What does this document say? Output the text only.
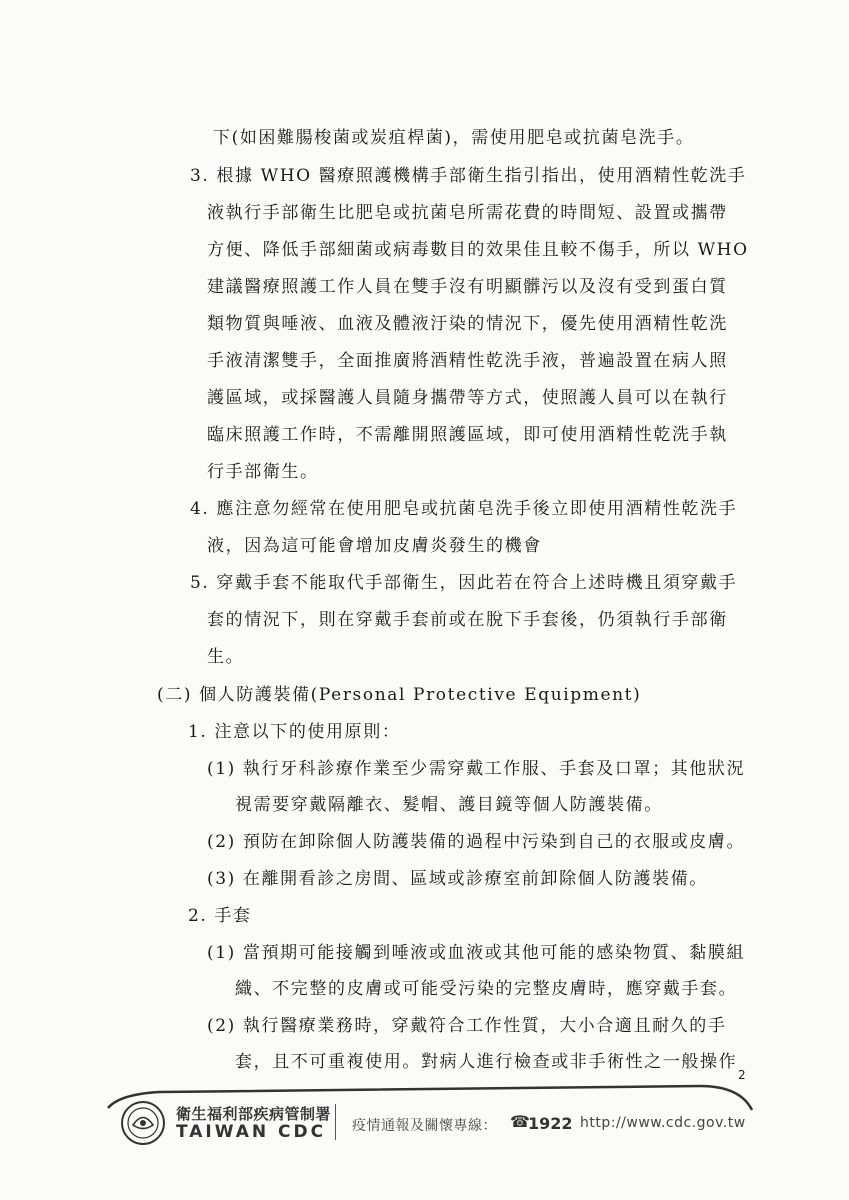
下(如困難腸梭菌或炭疽桿菌)，需使用肥皂或抗菌皂洗手。
3. 根據 WHO 醫療照護機構手部衛生指引指出，使用酒精性乾洗手
液執行手部衛生比肥皂或抗菌皂所需花費的時間短、設置或攜帶
方便、降低手部細菌或病毒數目的效果佳且較不傷手，所以 WHO
建議醫療照護工作人員在雙手沒有明顯髒污以及沒有受到蛋白質
類物質與唾液、血液及體液汙染的情況下，優先使用酒精性乾洗
手液清潔雙手，全面推廣將酒精性乾洗手液，普遍設置在病人照
護區域，或採醫護人員隨身攜帶等方式，使照護人員可以在執行
臨床照護工作時，不需離開照護區域，即可使用酒精性乾洗手執
行手部衛生。
4. 應注意勿經常在使用肥皂或抗菌皂洗手後立即使用酒精性乾洗手
液，因為這可能會增加皮膚炎發生的機會
5. 穿戴手套不能取代手部衛生，因此若在符合上述時機且須穿戴手
套的情況下，則在穿戴手套前或在脫下手套後，仍須執行手部衛
生。
(二) 個人防護裝備(Personal Protective Equipment)
1. 注意以下的使用原則：
(1) 執行牙科診療作業至少需穿戴工作服、手套及口罩；其他狀況
視需要穿戴隔離衣、髮帽、護目鏡等個人防護裝備。
(2) 預防在卸除個人防護裝備的過程中污染到自己的衣服或皮膚。
(3) 在離開看診之房間、區域或診療室前卸除個人防護裝備。
2. 手套
(1) 當預期可能接觸到唾液或血液或其他可能的感染物質、黏膜組
織、不完整的皮膚或可能受污染的完整皮膚時，應穿戴手套。
(2) 執行醫療業務時，穿戴符合工作性質，大小合適且耐久的手
套，且不可重複使用。對病人進行檢查或非手術性之一般操作
2
衛生福利部疾病管制署
TAIWAN CDC 疫情通報及關懷專線： ☎
1922 http://www.cdc.gov.tw
